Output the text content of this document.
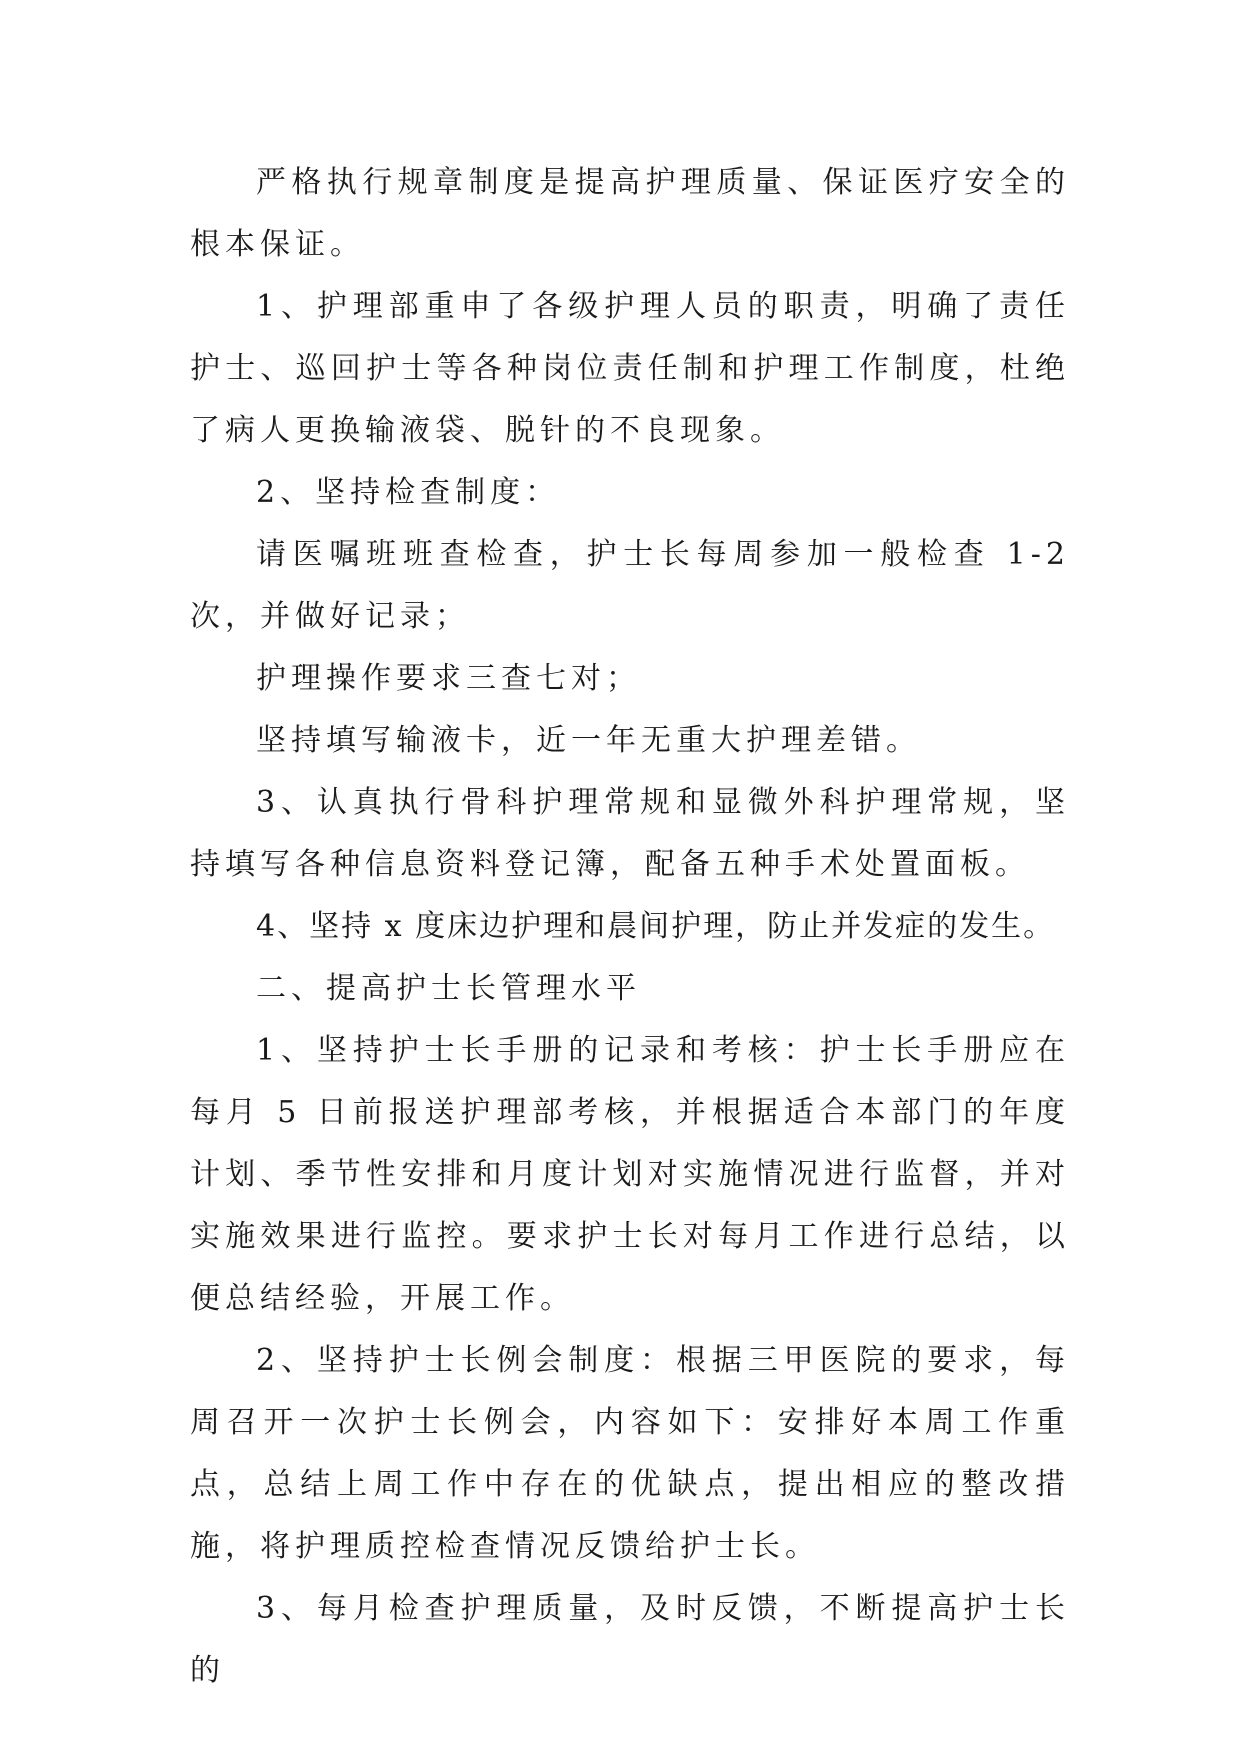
严格执行规章制度是提高护理质量、保证医疗安全的根本保证。

1、护理部重申了各级护理人员的职责，明确了责任护士、巡回护士等各种岗位责任制和护理工作制度，杜绝了病人更换输液袋、脱针的不良现象。

2、坚持检查制度：

请医嘱班班查检查，护士长每周参加一般检查 1-2 次，并做好记录；

护理操作要求三查七对；

坚持填写输液卡，近一年无重大护理差错。

3、认真执行骨科护理常规和显微外科护理常规，坚持填写各种信息资料登记簿，配备五种手术处置面板。

4、坚持 x 度床边护理和晨间护理，防止并发症的发生。

二、提高护士长管理水平

1、坚持护士长手册的记录和考核：护士长手册应在每月 5 日前报送护理部考核，并根据适合本部门的年度计划、季节性安排和月度计划对实施情况进行监督，并对实施效果进行监控。要求护士长对每月工作进行总结，以便总结经验，开展工作。

2、坚持护士长例会制度：根据三甲医院的要求，每周召开一次护士长例会，内容如下：安排好本周工作重点，总结上周工作中存在的优缺点，提出相应的整改措施，将护理质控检查情况反馈给护士长。

3、每月检查护理质量，及时反馈，不断提高护士长的
